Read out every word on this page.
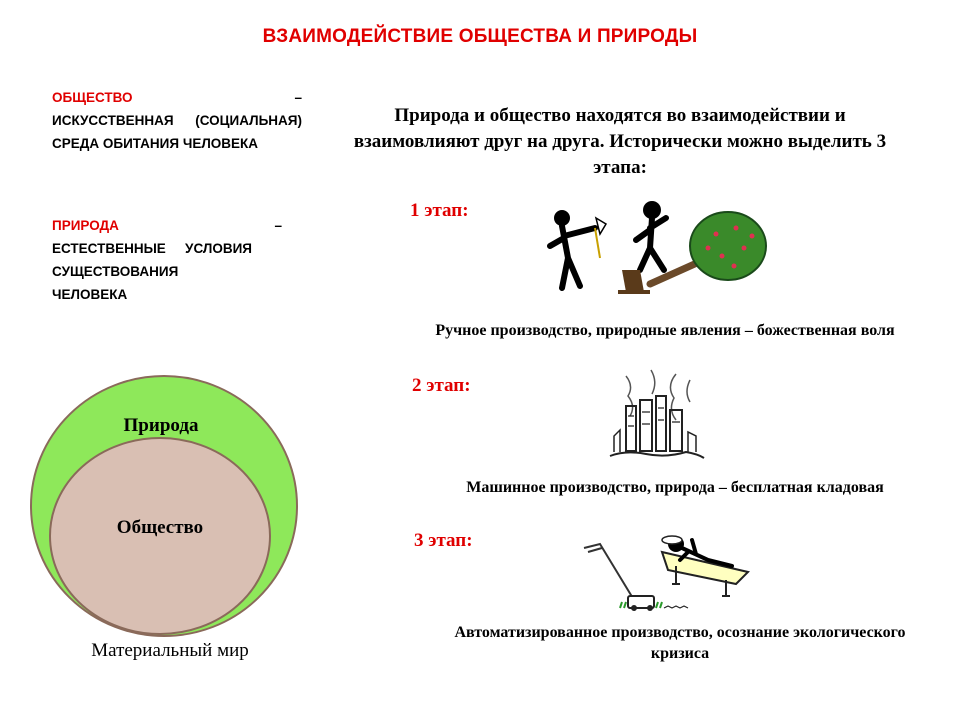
ВЗАИМОДЕЙСТВИЕ ОБЩЕСТВА И ПРИРОДЫ
ОБЩЕСТВО	–

ИСКУССТВЕННАЯ (СОЦИАЛЬНАЯ) СРЕДА ОБИТАНИЯ ЧЕЛОВЕКА
ПРИРОДА	–

ЕСТЕСТВЕННЫЕ УСЛОВИЯ СУЩЕСТВОВАНИЯ ЧЕЛОВЕКА
Природа и общество находятся во взаимодействии и взаимовлияют друг на друга. Исторически можно выделить 3 этапа:
1 этап:
Ручное производство, природные явления – божественная воля
2 этап:
Машинное производство, природа – бесплатная кладовая
3 этап:
Автоматизированное производство, осознание экологического кризиса
Природа
Общество
Материальный мир
